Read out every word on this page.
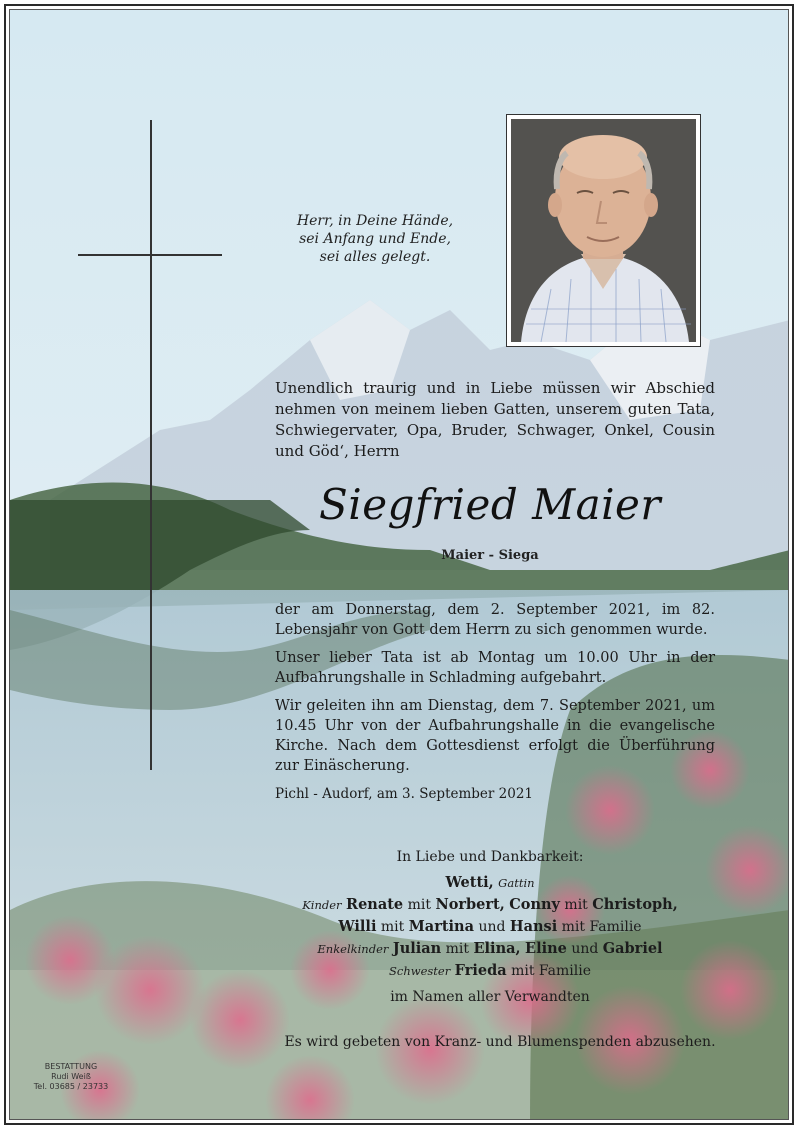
Herr, in Deine Hände,
sei Anfang und Ende,
sei alles gelegt.
Unendlich traurig und in Liebe müssen wir Abschied nehmen von meinem lieben Gatten, unserem guten Tata, Schwiegervater, Opa, Bruder, Schwager, Onkel, Cousin und Göd‘, Herrn
Siegfried Maier
Maier - Siega

der am Donnerstag, dem 2. September 2021, im 82. Lebensjahr von Gott dem Herrn zu sich genommen wurde.

Unser lieber Tata ist ab Montag um 10.00 Uhr in der Aufbahrungshalle in Schladming aufgebahrt.

Wir geleiten ihn am Dienstag, dem 7. September 2021, um 10.45 Uhr von der Aufbahrungshalle in die evangelische Kirche. Nach dem Gottesdienst erfolgt die Überführung zur Einäscherung.

Pichl - Audorf, am 3. September 2021

In Liebe und Dankbarkeit:
Wetti, Gattin
Kinder Renate mit Norbert, Conny mit Christoph,
Willi mit Martina und Hansi mit Familie
Enkelkinder Julian mit Elina, Eline und Gabriel
Schwester Frieda mit Familie
im Namen aller Verwandten
Es wird gebeten von Kranz- und Blumenspenden abzusehen.
BESTATTUNG
Rudi Weiß
Tel. 03685 / 23733
